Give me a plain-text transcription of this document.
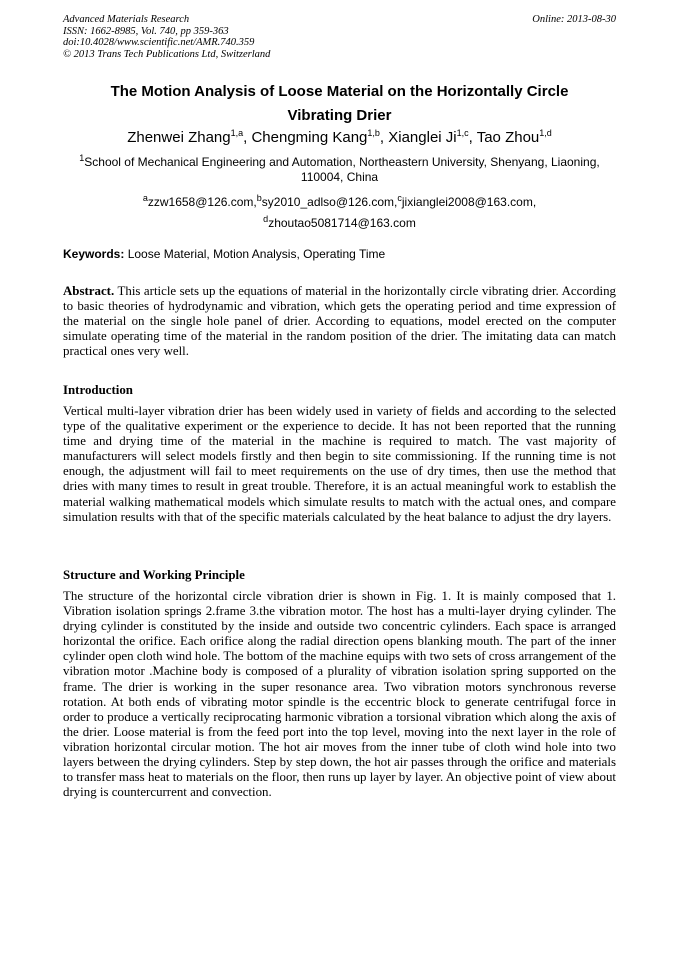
Advanced Materials Research
ISSN: 1662-8985, Vol. 740, pp 359-363
doi:10.4028/www.scientific.net/AMR.740.359
© 2013 Trans Tech Publications Ltd, Switzerland
Online: 2013-08-30
The Motion Analysis of Loose Material on the Horizontally Circle
Vibrating Drier
Zhenwei Zhang$^{1,a}$, Chengming Kang$^{1,b}$, Xianglei Ji$^{1,c}$, Tao Zhou$^{1,d}$
$^1$School of Mechanical Engineering and Automation, Northeastern University, Shenyang, Liaoning,
110004, China
$^a$zzw1658@126.com,$^b$sy2010_adlso@126.com,$^c$jixianglei2008@163.com,
$^d$zhoutao5081714@163.com
Keywords: Loose Material, Motion Analysis, Operating Time
Abstract. This article sets up the equations of material in the horizontally circle vibrating drier. According to basic theories of hydrodynamic and vibration, which gets the operating period and time expression of the material on the single hole panel of drier. According to equations, model erected on the computer simulate operating time of the material in the random position of the drier. The imitating data can match practical ones very well.
Introduction
Vertical multi-layer vibration drier has been widely used in variety of fields and according to the selected type of the qualitative experiment or the experience to decide. It has not been reported that the running time and drying time of the material in the machine is required to match. The vast majority of manufacturers will select models firstly and then begin to site commissioning. If the running time is not enough, the adjustment will fail to meet requirements on the use of dry times, then use the method that dries with many times to result in great trouble. Therefore, it is an actual meaningful work to establish the material walking mathematical models which simulate results to match with the actual ones, and compare simulation results with that of the specific materials calculated by the heat balance to adjust the dry layers.
Structure and Working Principle
The structure of the horizontal circle vibration drier is shown in Fig. 1. It is mainly composed that 1. Vibration isolation springs 2.frame 3.the vibration motor. The host has a multi-layer drying cylinder. The drying cylinder is constituted by the inside and outside two concentric cylinders. Each space is arranged horizontal the orifice. Each orifice along the radial direction opens blanking mouth. The part of the inner cylinder open cloth wind hole. The bottom of the machine equips with two sets of cross arrangement of the vibration motor .Machine body is composed of a plurality of vibration isolation spring supported on the frame. The drier is working in the super resonance area. Two vibration motors synchronous reverse rotation. At both ends of vibrating motor spindle is the eccentric block to generate centrifugal force in order to produce a vertically reciprocating harmonic vibration a torsional vibration which along the axis of the drier. Loose material is from the feed port into the top level, moving into the next layer in the role of vibration horizontal circular motion. The hot air moves from the inner tube of cloth wind hole into two layers between the drying cylinders. Step by step down, the hot air passes through the orifice and materials to transfer mass heat to materials on the floor, then runs up layer by layer. An objective point of view about drying is countercurrent and convection.
